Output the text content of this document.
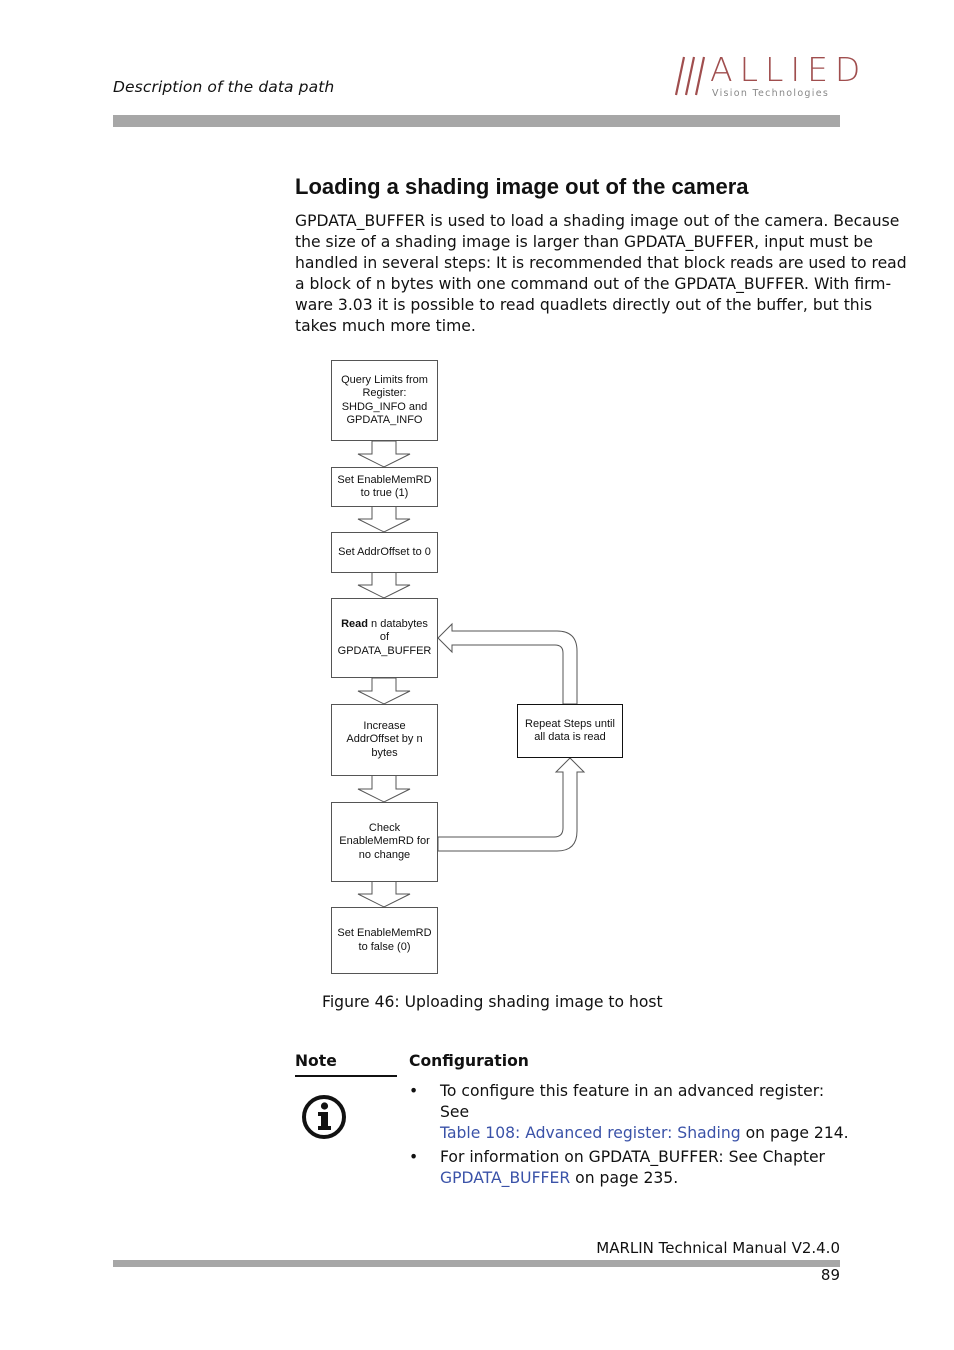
Description of the data path	ALLIED
Vision Technologies
Loading a shading image out of the camera

GPDATA_BUFFER is used to load a shading image out of the camera. Because

the size of a shading image is larger than GPDATA_BUFFER, input must be

handled in several steps: It is recommended that block reads are used to read

a block of n bytes with one command out of the GPDATA_BUFFER. With firm-

ware 3.03 it is possible to read quadlets directly out of the buffer, but this

takes much more time.

Query Limits from
Register:
SHDG_INFO and
GPDATA_INFO
Set EnableMemRD
to true (1)
Set AddrOffset to 0
Read n databytes
of
GPDATA_BUFFER
Increase
AddrOffset by n
bytes
Check
EnableMemRD for
no change
Set EnableMemRD
to false (0)
Repeat Steps until
all data is read
Figure 46: Uploading shading image to host
Note	Configuration
• To configure this feature in an advanced register: See
Table 108: Advanced register: Shading on page 214.
• For information on GPDATA_BUFFER: See Chapter
GPDATA_BUFFER on page 235.
MARLIN Technical Manual V2.4.0
89
